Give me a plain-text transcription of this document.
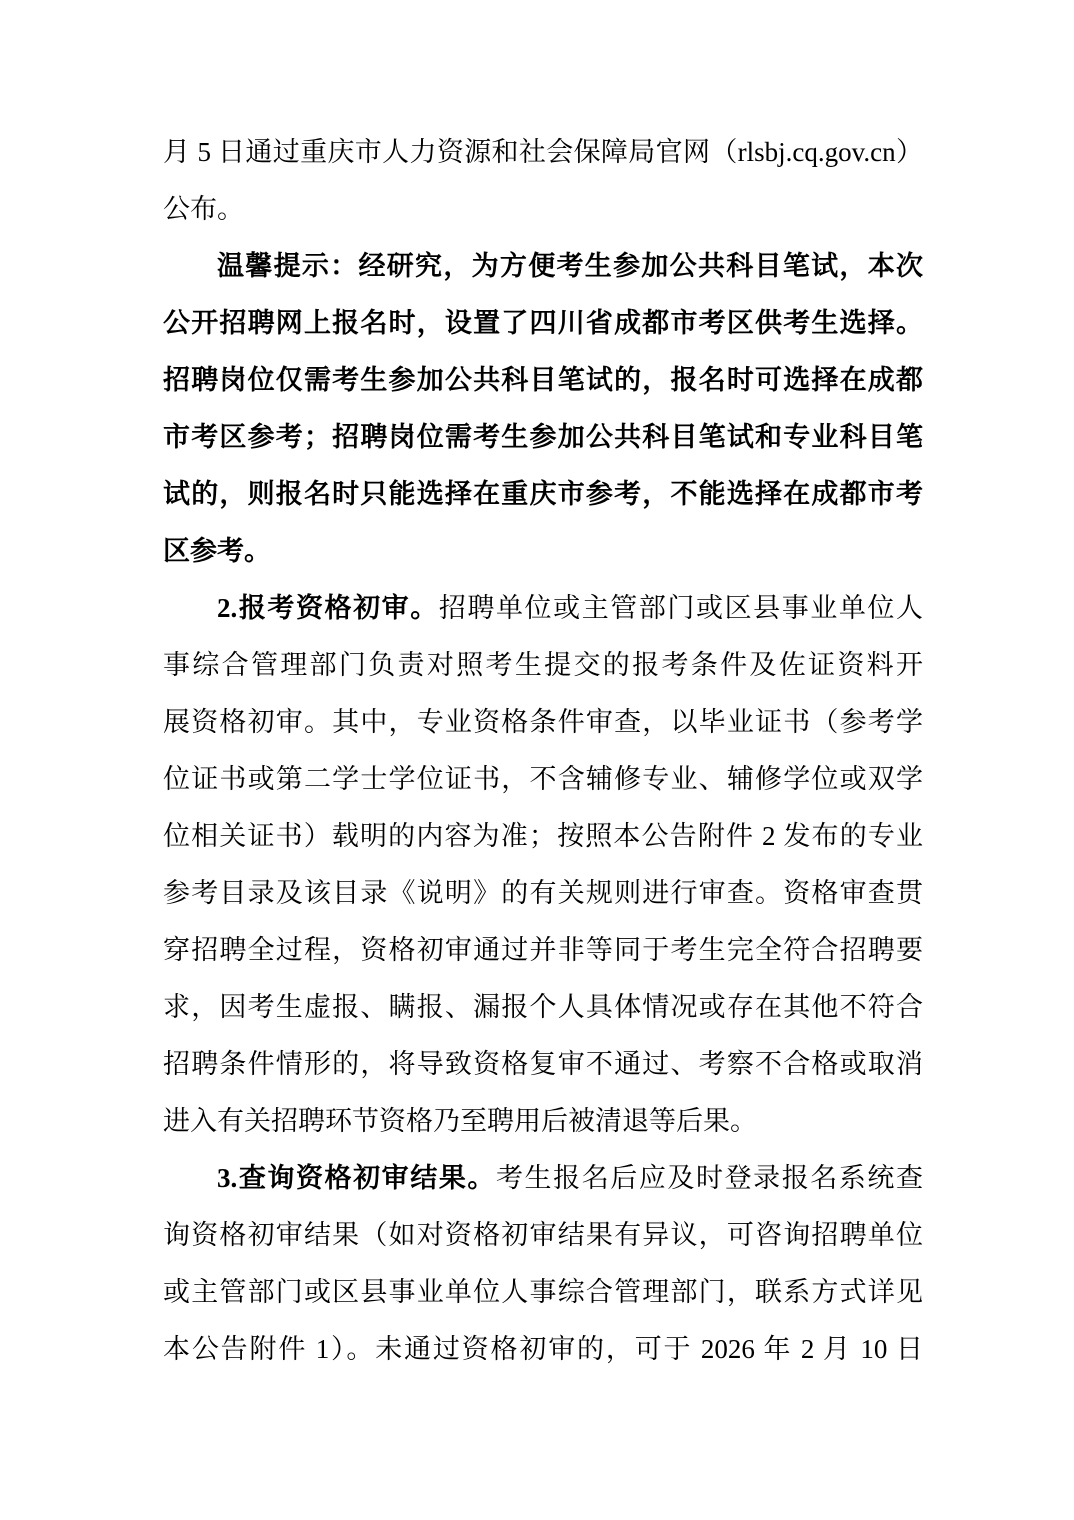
月 5 日通过重庆市人力资源和社会保障局官网（rlsbj.cq.gov.cn）
公布。
温馨提示：经研究，为方便考生参加公共科目笔试，本次
公开招聘网上报名时，设置了四川省成都市考区供考生选择。
招聘岗位仅需考生参加公共科目笔试的，报名时可选择在成都
市考区参考；招聘岗位需考生参加公共科目笔试和专业科目笔
试的，则报名时只能选择在重庆市参考，不能选择在成都市考
区参考。
2.报考资格初审。招聘单位或主管部门或区县事业单位人
事综合管理部门负责对照考生提交的报考条件及佐证资料开
展资格初审。其中，专业资格条件审查，以毕业证书（参考学
位证书或第二学士学位证书，不含辅修专业、辅修学位或双学
位相关证书）载明的内容为准；按照本公告附件 2 发布的专业
参考目录及该目录《说明》的有关规则进行审查。资格审查贯
穿招聘全过程，资格初审通过并非等同于考生完全符合招聘要
求，因考生虚报、瞒报、漏报个人具体情况或存在其他不符合
招聘条件情形的，将导致资格复审不通过、考察不合格或取消
进入有关招聘环节资格乃至聘用后被清退等后果。
3.查询资格初审结果。考生报名后应及时登录报名系统查
询资格初审结果（如对资格初审结果有异议，可咨询招聘单位
或主管部门或区县事业单位人事综合管理部门，联系方式详见
本公告附件 1）。未通过资格初审的，可于 2026 年 2 月 10 日
